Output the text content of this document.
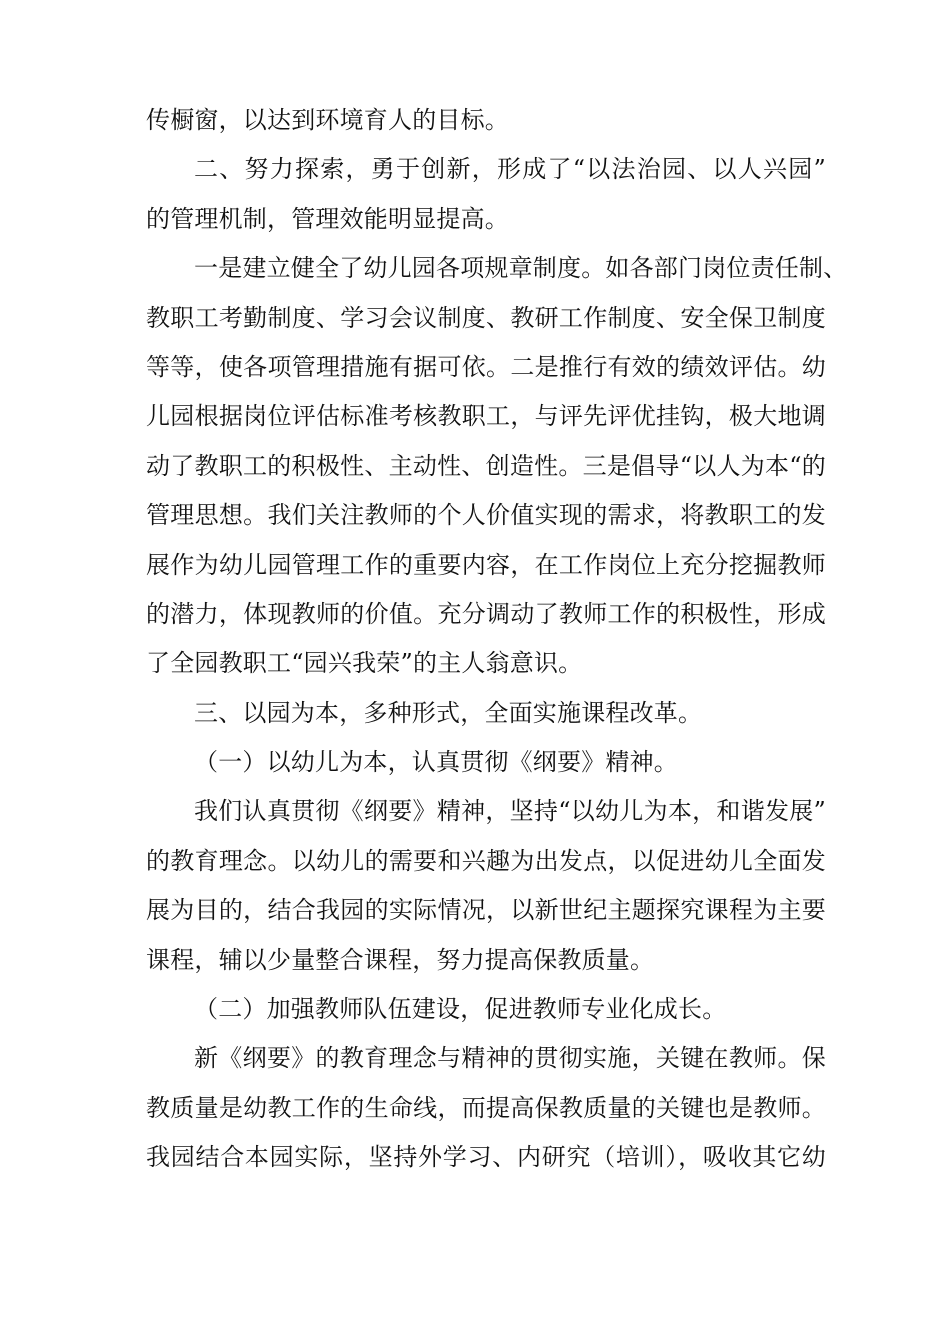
传橱窗，以达到环境育人的目标。
二、努力探索，勇于创新，形成了“以法治园、以人兴园”
的管理机制，管理效能明显提高。
一是建立健全了幼儿园各项规章制度。如各部门岗位责任制、
教职工考勤制度、学习会议制度、教研工作制度、安全保卫制度
等等，使各项管理措施有据可依。二是推行有效的绩效评估。幼
儿园根据岗位评估标准考核教职工，与评先评优挂钩，极大地调
动了教职工的积极性、主动性、创造性。三是倡导“以人为本“的
管理思想。我们关注教师的个人价值实现的需求，将教职工的发
展作为幼儿园管理工作的重要内容，在工作岗位上充分挖掘教师
的潜力，体现教师的价值。充分调动了教师工作的积极性，形成
了全园教职工“园兴我荣”的主人翁意识。
三、以园为本，多种形式，全面实施课程改革。
（一）以幼儿为本，认真贯彻《纲要》精神。
我们认真贯彻《纲要》精神，坚持“以幼儿为本，和谐发展”
的教育理念。以幼儿的需要和兴趣为出发点，以促进幼儿全面发
展为目的，结合我园的实际情况，以新世纪主题探究课程为主要
课程，辅以少量整合课程，努力提高保教质量。
（二）加强教师队伍建设，促进教师专业化成长。
新《纲要》的教育理念与精神的贯彻实施，关键在教师。保
教质量是幼教工作的生命线，而提高保教质量的关键也是教师。
我园结合本园实际，坚持外学习、内研究（培训），吸收其它幼
